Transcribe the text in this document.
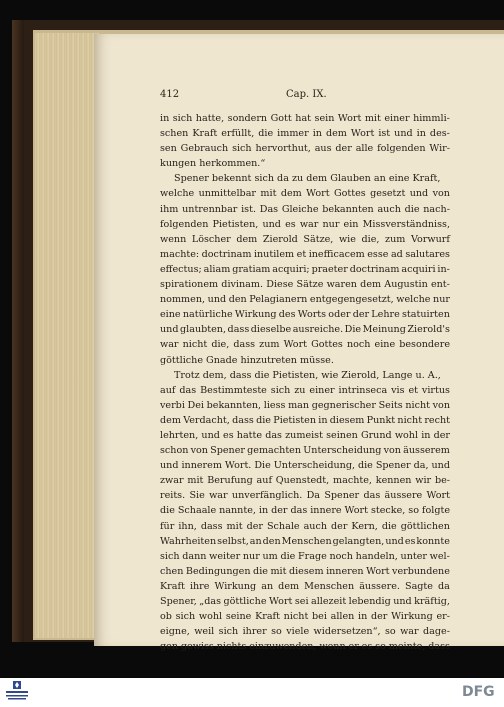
412	Cap. IX.
in sich hatte, sondern Gott hat sein Wort mit einer himmli-
schen Kraft erfüllt, die immer in dem Wort ist und in des-
sen Gebrauch sich hervorthut, aus der alle folgenden Wir-
kungen herkommen.“
Spener bekennt sich da zu dem Glauben an eine Kraft,
welche unmittelbar mit dem Wort Gottes gesetzt und von
ihm untrennbar ist. Das Gleiche bekannten auch die nach-
folgenden Pietisten, und es war nur ein Missverständniss,
wenn Löscher dem Zierold Sätze, wie die, zum Vorwurf
machte: doctrinam inutilem et inefficacem esse ad salutares
effectus; aliam gratiam acquiri; praeter doctrinam acquiri in-
spirationem divinam. Diese Sätze waren dem Augustin ent-
nommen, und den Pelagianern entgegengesetzt, welche nur
eine natürliche Wirkung des Worts oder der Lehre statuirten
und glaubten, dass dieselbe ausreiche. Die Meinung Zierold's
war nicht die, dass zum Wort Gottes noch eine besondere
göttliche Gnade hinzutreten müsse.
Trotz dem, dass die Pietisten, wie Zierold, Lange u. A.,
auf das Bestimmteste sich zu einer intrinseca vis et virtus
verbi Dei bekannten, liess man gegnerischer Seits nicht von
dem Verdacht, dass die Pietisten in diesem Punkt nicht recht
lehrten, und es hatte das zumeist seinen Grund wohl in der
schon von Spener gemachten Unterscheidung von äusserem
und innerem Wort. Die Unterscheidung, die Spener da, und
zwar mit Berufung auf Quenstedt, machte, kennen wir be-
reits. Sie war unverfänglich. Da Spener das äussere Wort
die Schaale nannte, in der das innere Wort stecke, so folgte
für ihn, dass mit der Schale auch der Kern, die göttlichen
Wahrheiten selbst, an den Menschen gelangten, und es konnte
sich dann weiter nur um die Frage noch handeln, unter wel-
chen Bedingungen die mit diesem inneren Wort verbundene
Kraft ihre Wirkung an dem Menschen äussere. Sagte da
Spener, „das göttliche Wort sei allezeit lebendig und kräftig,
ob sich wohl seine Kraft nicht bei allen in der Wirkung er-
eigne, weil sich ihrer so viele widersetzen“, so war dage-
gen gewiss nichts einzuwenden, wenn er es so meinte, dass
DFG
